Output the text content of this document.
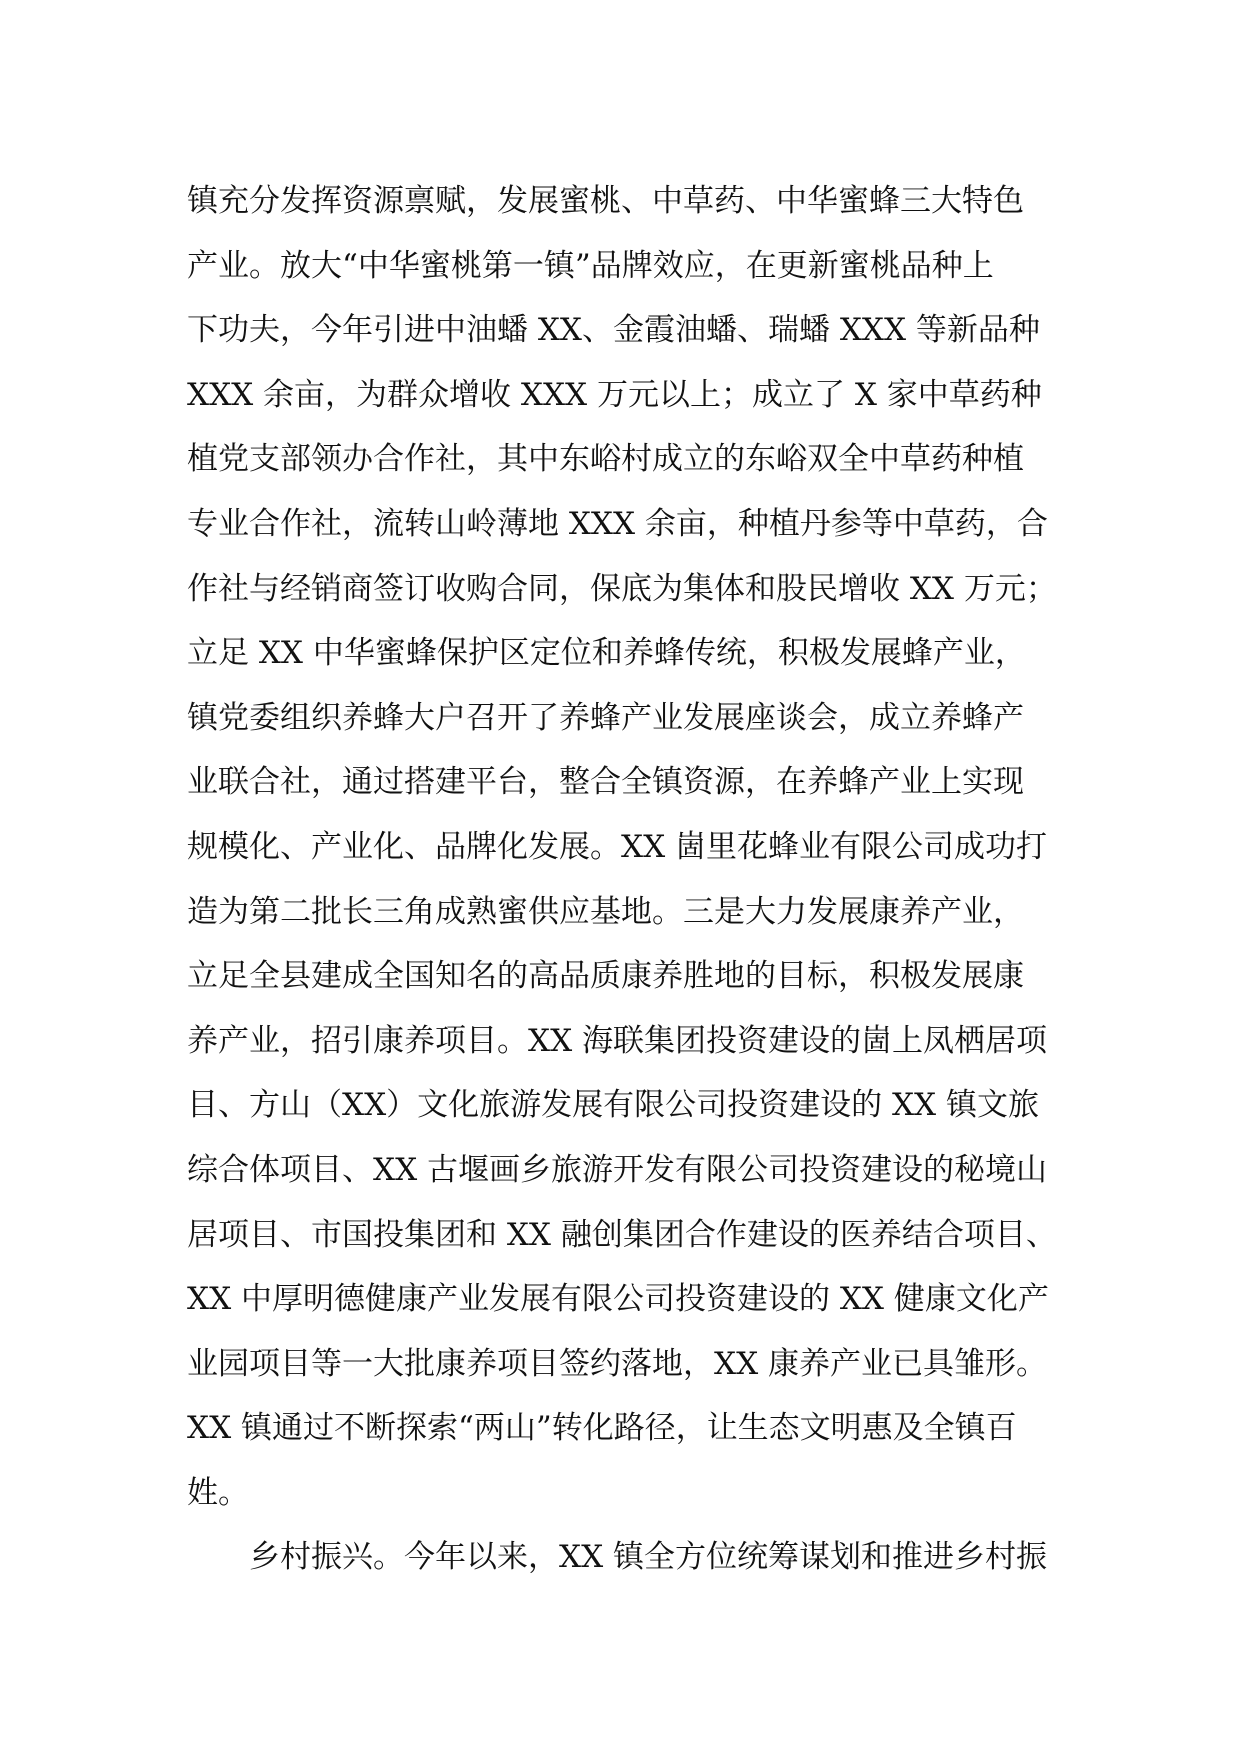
镇充分发挥资源禀赋，发展蜜桃、中草药、中华蜜蜂三大特色
产业。放大“中华蜜桃第一镇”品牌效应，在更新蜜桃品种上
下功夫，今年引进中油蟠 XX、金霞油蟠、瑞蟠 XXX 等新品种
XXX 余亩，为群众增收 XXX 万元以上；成立了 X 家中草药种
植党支部领办合作社，其中东峪村成立的东峪双全中草药种植
专业合作社，流转山岭薄地 XXX 余亩，种植丹参等中草药，合
作社与经销商签订收购合同，保底为集体和股民增收 XX 万元；
立足 XX 中华蜜蜂保护区定位和养蜂传统，积极发展蜂产业，
镇党委组织养蜂大户召开了养蜂产业发展座谈会，成立养蜂产
业联合社，通过搭建平台，整合全镇资源，在养蜂产业上实现
规模化、产业化、品牌化发展。XX 崮里花蜂业有限公司成功打
造为第二批长三角成熟蜜供应基地。三是大力发展康养产业，
立足全县建成全国知名的高品质康养胜地的目标，积极发展康
养产业，招引康养项目。XX 海联集团投资建设的崮上凤栖居项
目、方山（XX）文化旅游发展有限公司投资建设的 XX 镇文旅
综合体项目、XX 古堰画乡旅游开发有限公司投资建设的秘境山
居项目、市国投集团和 XX 融创集团合作建设的医养结合项目、
XX 中厚明德健康产业发展有限公司投资建设的 XX 健康文化产
业园项目等一大批康养项目签约落地，XX 康养产业已具雏形。
XX 镇通过不断探索“两山”转化路径，让生态文明惠及全镇百
姓。
乡村振兴。今年以来，XX 镇全方位统筹谋划和推进乡村振
